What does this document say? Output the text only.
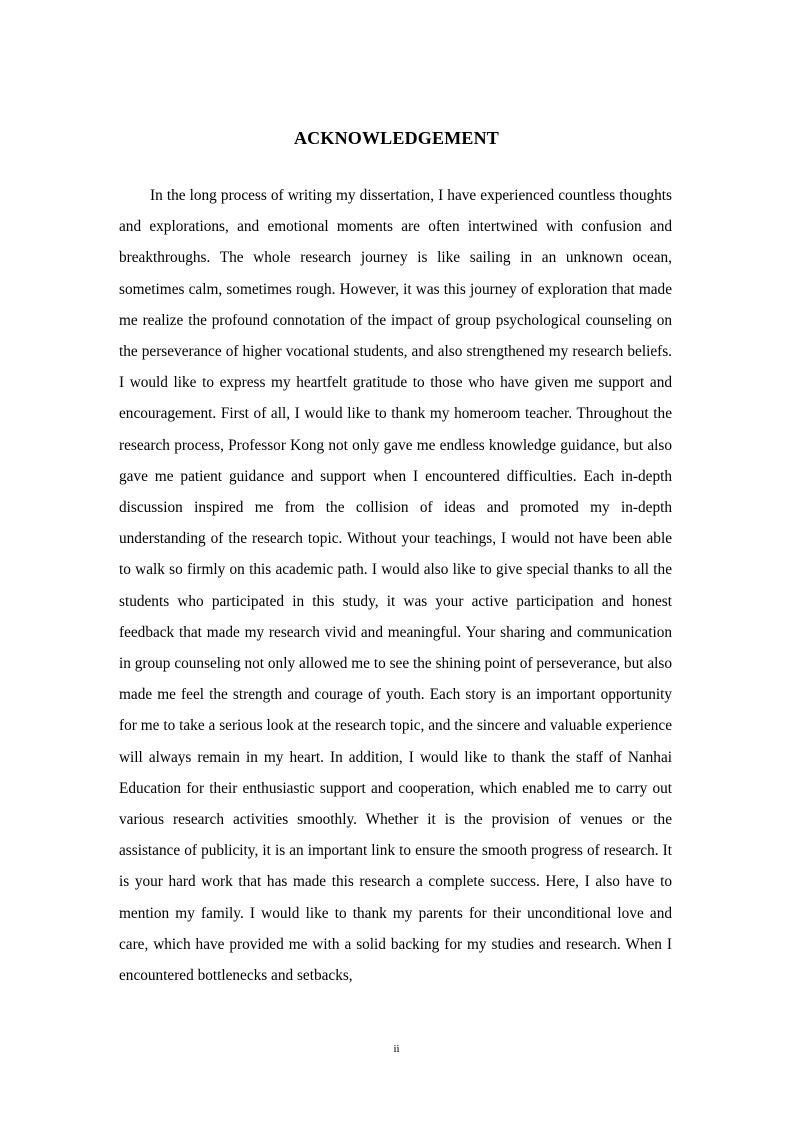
ACKNOWLEDGEMENT

In the long process of writing my dissertation, I have experienced countless thoughts and explorations, and emotional moments are often intertwined with confusion and breakthroughs. The whole research journey is like sailing in an unknown ocean, sometimes calm, sometimes rough. However, it was this journey of exploration that made me realize the profound connotation of the impact of group psychological counseling on the perseverance of higher vocational students, and also strengthened my research beliefs. I would like to express my heartfelt gratitude to those who have given me support and encouragement. First of all, I would like to thank my homeroom teacher. Throughout the research process, Professor Kong not only gave me endless knowledge guidance, but also gave me patient guidance and support when I encountered difficulties. Each in-depth discussion inspired me from the collision of ideas and promoted my in-depth understanding of the research topic. Without your teachings, I would not have been able to walk so firmly on this academic path. I would also like to give special thanks to all the students who participated in this study, it was your active participation and honest feedback that made my research vivid and meaningful. Your sharing and communication in group counseling not only allowed me to see the shining point of perseverance, but also made me feel the strength and courage of youth. Each story is an important opportunity for me to take a serious look at the research topic, and the sincere and valuable experience will always remain in my heart. In addition, I would like to thank the staff of Nanhai Education for their enthusiastic support and cooperation, which enabled me to carry out various research activities smoothly. Whether it is the provision of venues or the assistance of publicity, it is an important link to ensure the smooth progress of research. It is your hard work that has made this research a complete success. Here, I also have to mention my family. I would like to thank my parents for their unconditional love and care, which have provided me with a solid backing for my studies and research. When I encountered bottlenecks and setbacks,

ii
